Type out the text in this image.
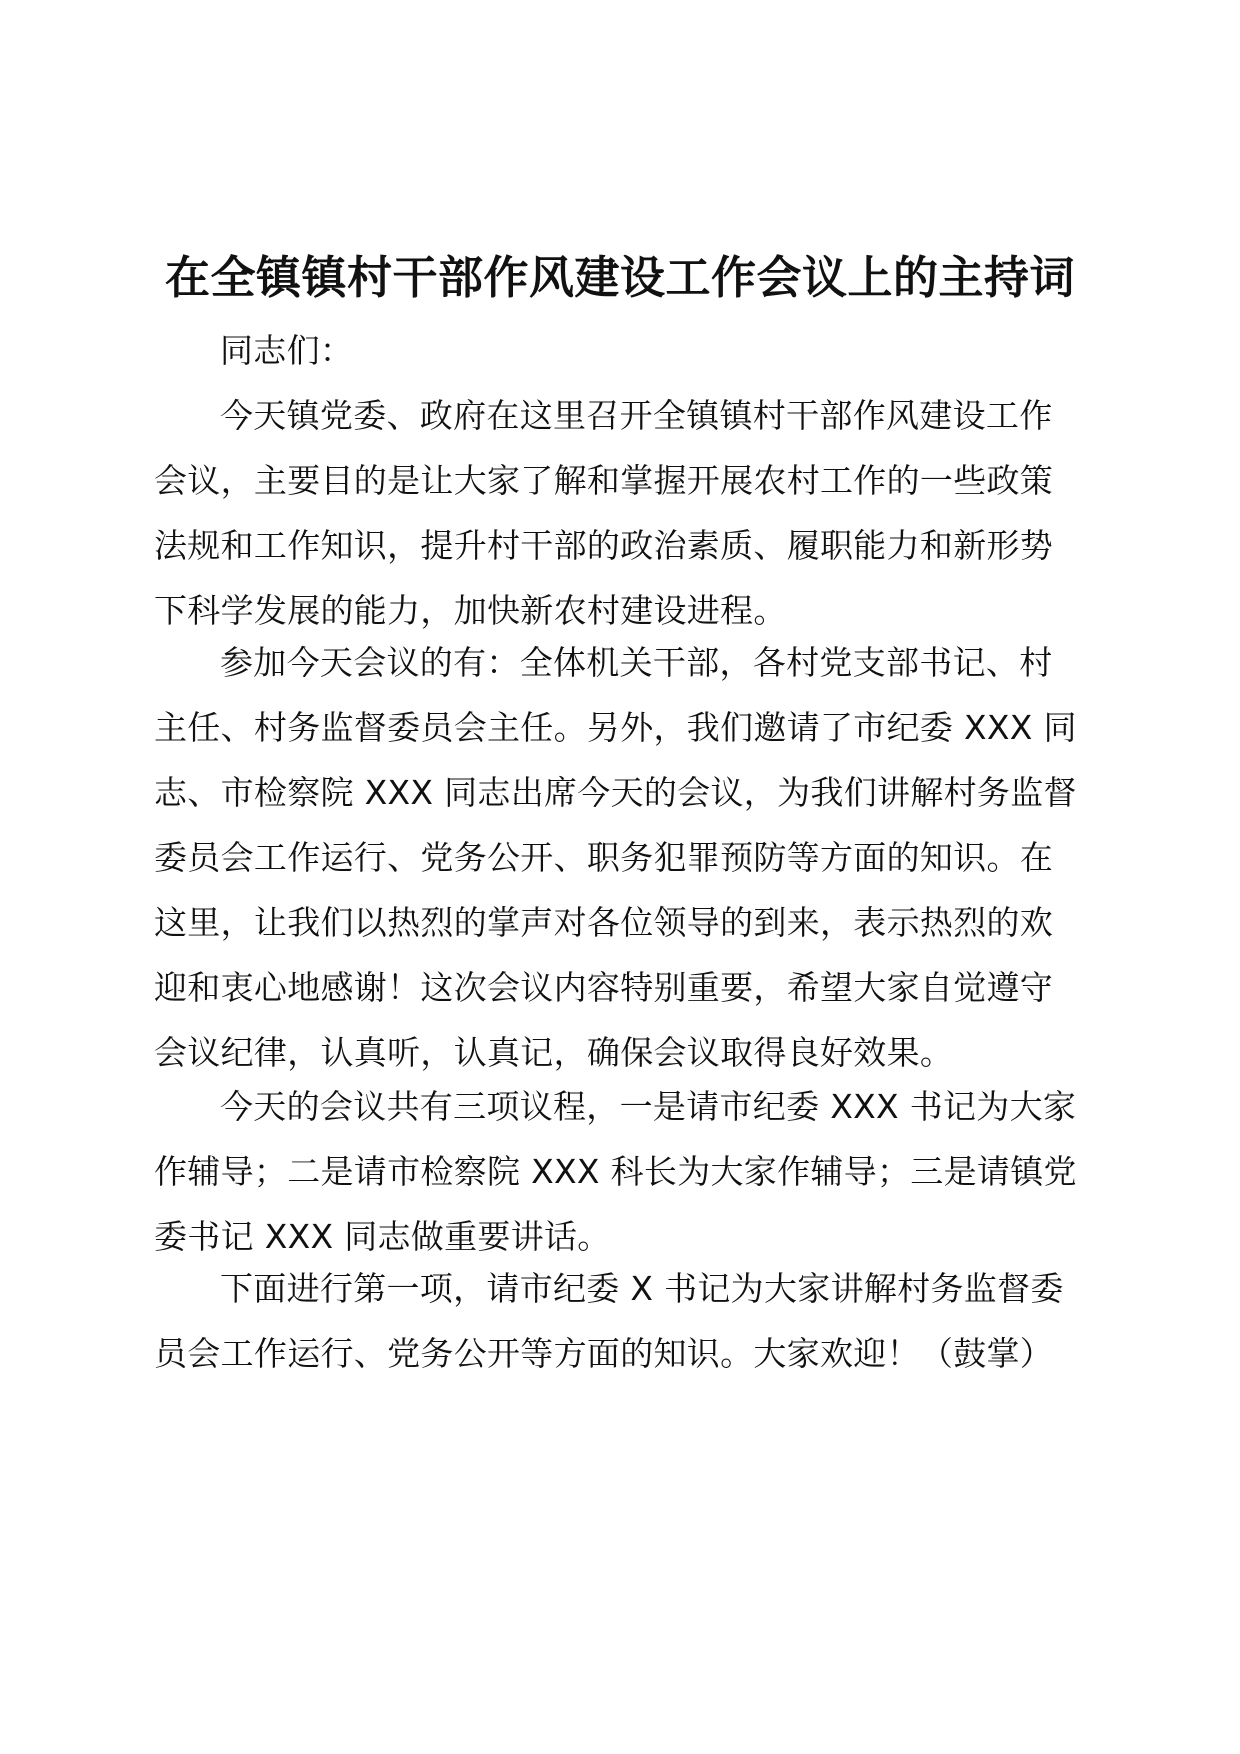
在全镇镇村干部作风建设工作会议上的主持词
同志们：
今天镇党委、政府在这里召开全镇镇村干部作风建设工作
会议，主要目的是让大家了解和掌握开展农村工作的一些政策
法规和工作知识，提升村干部的政治素质、履职能力和新形势
下科学发展的能力，加快新农村建设进程。
参加今天会议的有：全体机关干部，各村党支部书记、村
主任、村务监督委员会主任。另外，我们邀请了市纪委 XXX 同
志、市检察院 XXX 同志出席今天的会议，为我们讲解村务监督
委员会工作运行、党务公开、职务犯罪预防等方面的知识。在
这里，让我们以热烈的掌声对各位领导的到来，表示热烈的欢
迎和衷心地感谢！这次会议内容特别重要，希望大家自觉遵守
会议纪律，认真听，认真记，确保会议取得良好效果。
今天的会议共有三项议程，一是请市纪委 XXX 书记为大家
作辅导；二是请市检察院 XXX 科长为大家作辅导；三是请镇党
委书记 XXX 同志做重要讲话。
下面进行第一项，请市纪委 X 书记为大家讲解村务监督委
员会工作运行、党务公开等方面的知识。大家欢迎！（鼓掌）
